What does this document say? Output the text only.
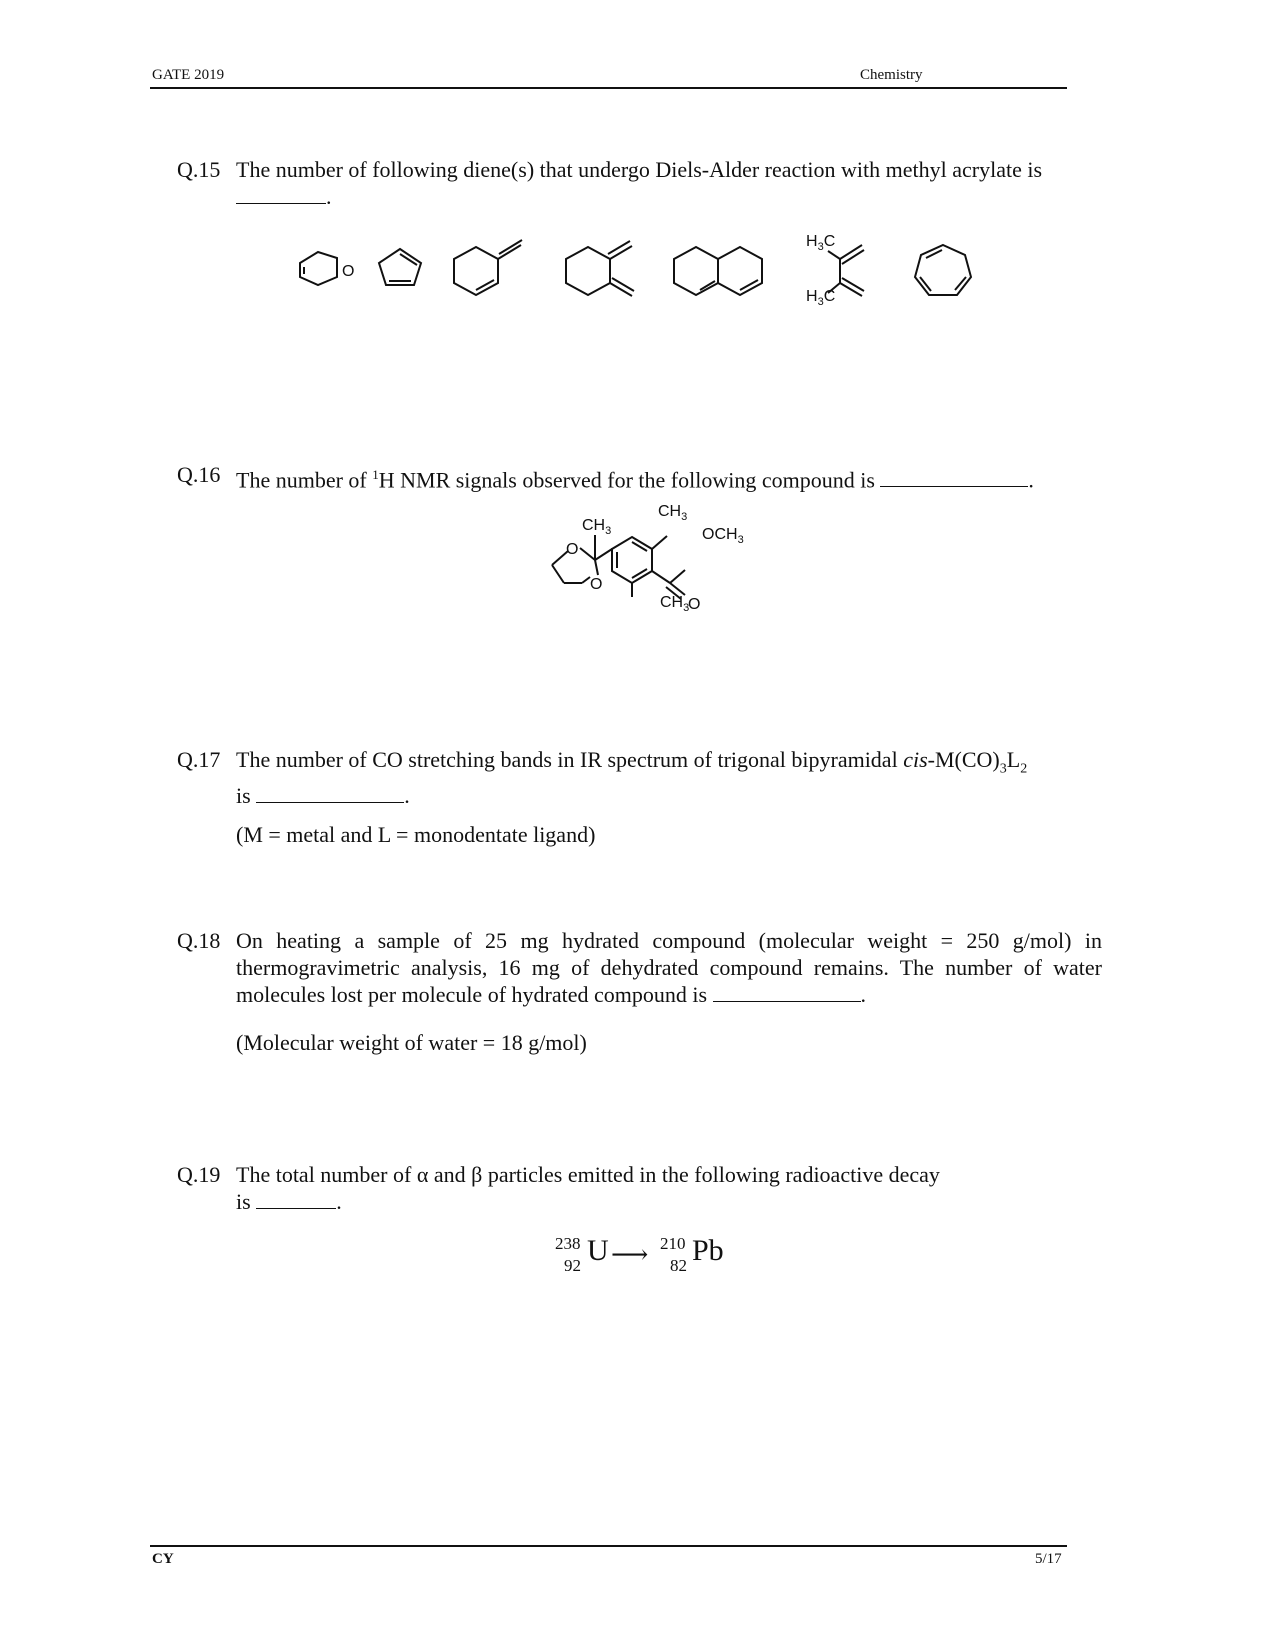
GATE 2019	Chemistry
Q.15 The number of following diene(s) that undergo Diels-Alder reaction with methyl acrylate is
.
O
$H_3C$
$H_3C$
Q.16 The number of $^1$H NMR signals observed for the following compound is	.
O
O
O
$CH_3$
$CH_3$
$OCH_3$
$CH_3$
Q.17 The number of CO stretching bands in IR spectrum of trigonal bipyramidal cis-$M(CO)_3L_2$
is	.
(M = metal and L = monodentate ligand)
Q.18 On heating a sample of 25 mg hydrated compound (molecular weight = 250 g/mol) in thermogravimetric analysis, 16 mg of dehydrated compound remains. The number of water molecules lost per molecule of hydrated compound is	.
(Molecular weight of water = 18 g/mol)
Q.19 The total number of α and β particles emitted in the following radioactive decay
is	.
238
92 U ⟶ 210
82 Pb
CY	5/17
